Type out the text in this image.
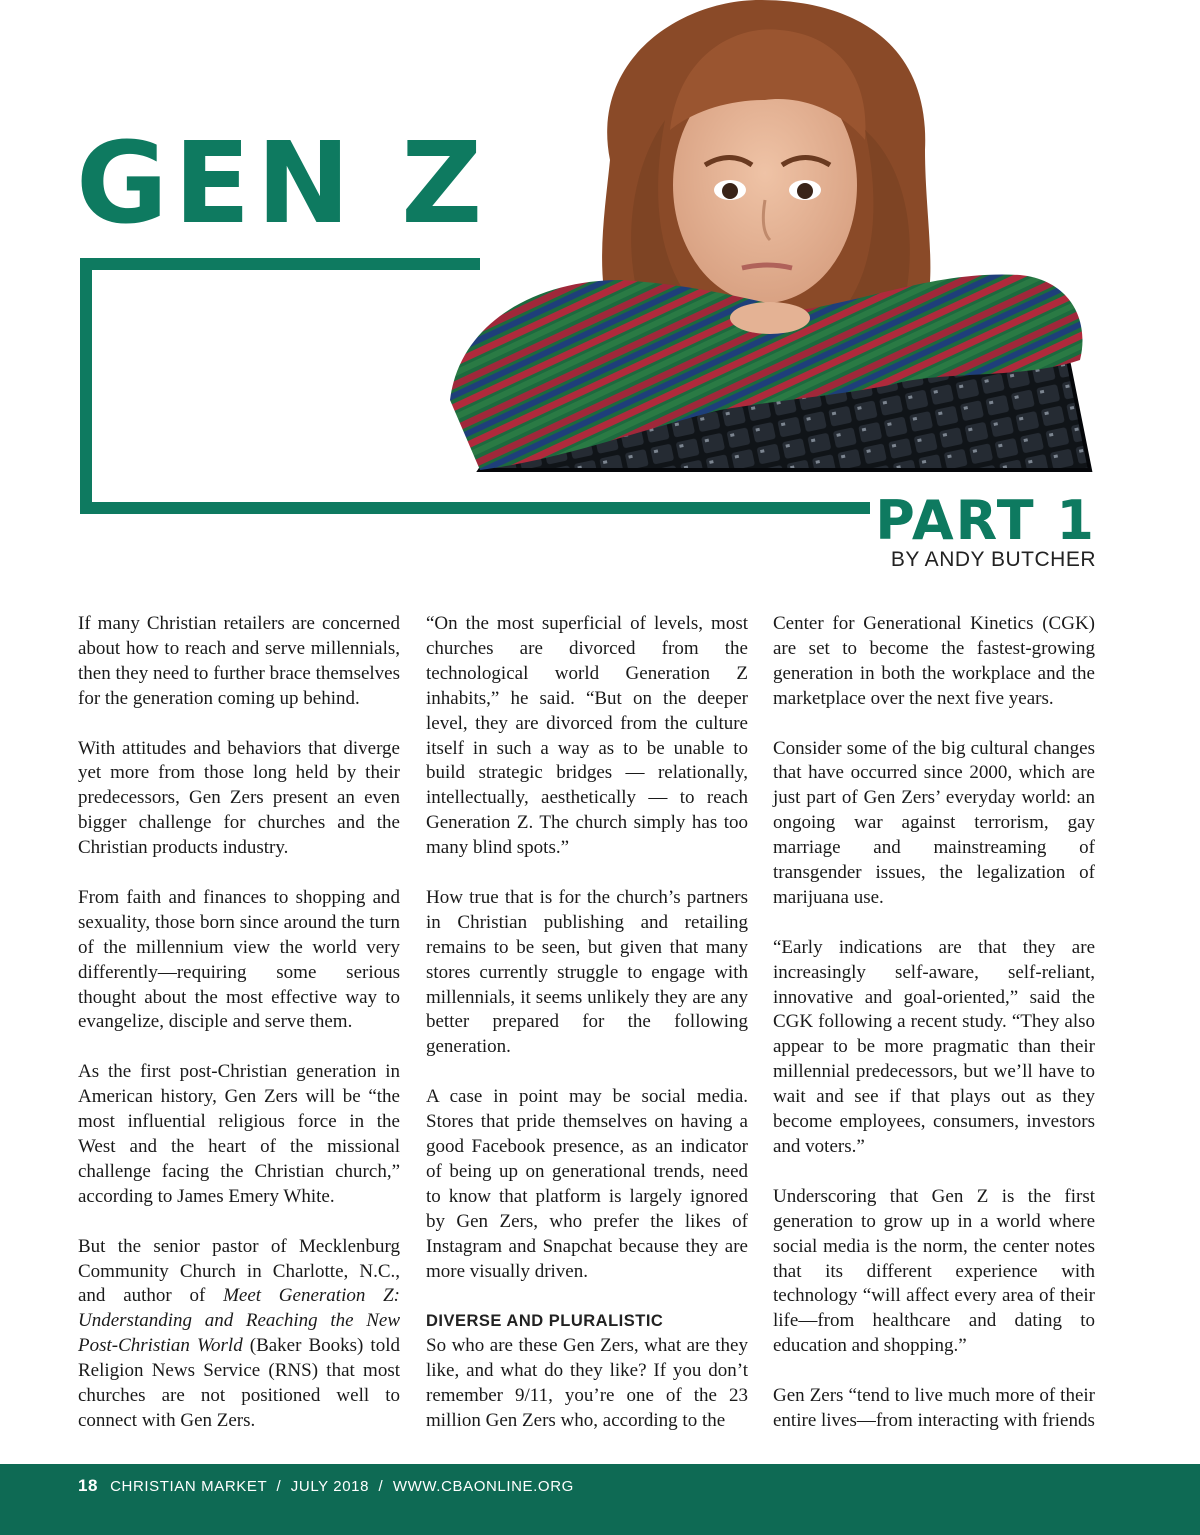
GEN Z
PART 1
BY ANDY BUTCHER

If many Christian retailers are concerned about how to reach and serve millennials, then they need to further brace themselves for the generation coming up behind.

With attitudes and behaviors that diverge yet more from those long held by their predecessors, Gen Zers present an even bigger challenge for churches and the Christian products industry.

From faith and finances to shopping and sexuality, those born since around the turn of the millennium view the world very differently—requiring some serious thought about the most effective way to evangelize, disciple and serve them.

As the first post-Christian generation in American history, Gen Zers will be “the most influential religious force in the West and the heart of the missional challenge facing the Christian church,” according to James Emery White.

But the senior pastor of Mecklenburg Community Church in Charlotte, N.C., and author of Meet Generation Z: Understanding and Reaching the New Post-Christian World (Baker Books) told Religion News Service (RNS) that most churches are not positioned well to connect with Gen Zers.

“On the most superficial of levels, most churches are divorced from the technological world Generation Z inhabits,” he said. “But on the deeper level, they are divorced from the culture itself in such a way as to be unable to build strategic bridges — relationally, intellectually, aesthetically — to reach Generation Z. The church simply has too many blind spots.”

How true that is for the church’s partners in Christian publishing and retailing remains to be seen, but given that many stores currently struggle to engage with millennials, it seems unlikely they are any better prepared for the following generation.

A case in point may be social media. Stores that pride themselves on having a good Facebook presence, as an indicator of being up on generational trends, need to know that platform is largely ignored by Gen Zers, who prefer the likes of Instagram and Snapchat because they are more visually driven.

DIVERSE AND PLURALISTIC

So who are these Gen Zers, what are they like, and what do they like? If you don’t remember 9/11, you’re one of the 23 million Gen Zers who, according to the

Center for Generational Kinetics (CGK) are set to become the fastest-growing generation in both the workplace and the marketplace over the next five years.

Consider some of the big cultural changes that have occurred since 2000, which are just part of Gen Zers’ everyday world: an ongoing war against terrorism, gay marriage and mainstreaming of transgender issues, the legalization of marijuana use.

“Early indications are that they are increasingly self-aware, self-reliant, innovative and goal-oriented,” said the CGK following a recent study. “They also appear to be more pragmatic than their millennial predecessors, but we’ll have to wait and see if that plays out as they become employees, consumers, investors and voters.”

Underscoring that Gen Z is the first generation to grow up in a world where social media is the norm, the center notes that its different experience with technology “will affect every area of their life—from healthcare and dating to education and shopping.”

Gen Zers “tend to live much more of their entire lives—from interacting with friends

18 CHRISTIAN MARKET  /  JULY 2018  /  WWW.CBAONLINE.ORG
